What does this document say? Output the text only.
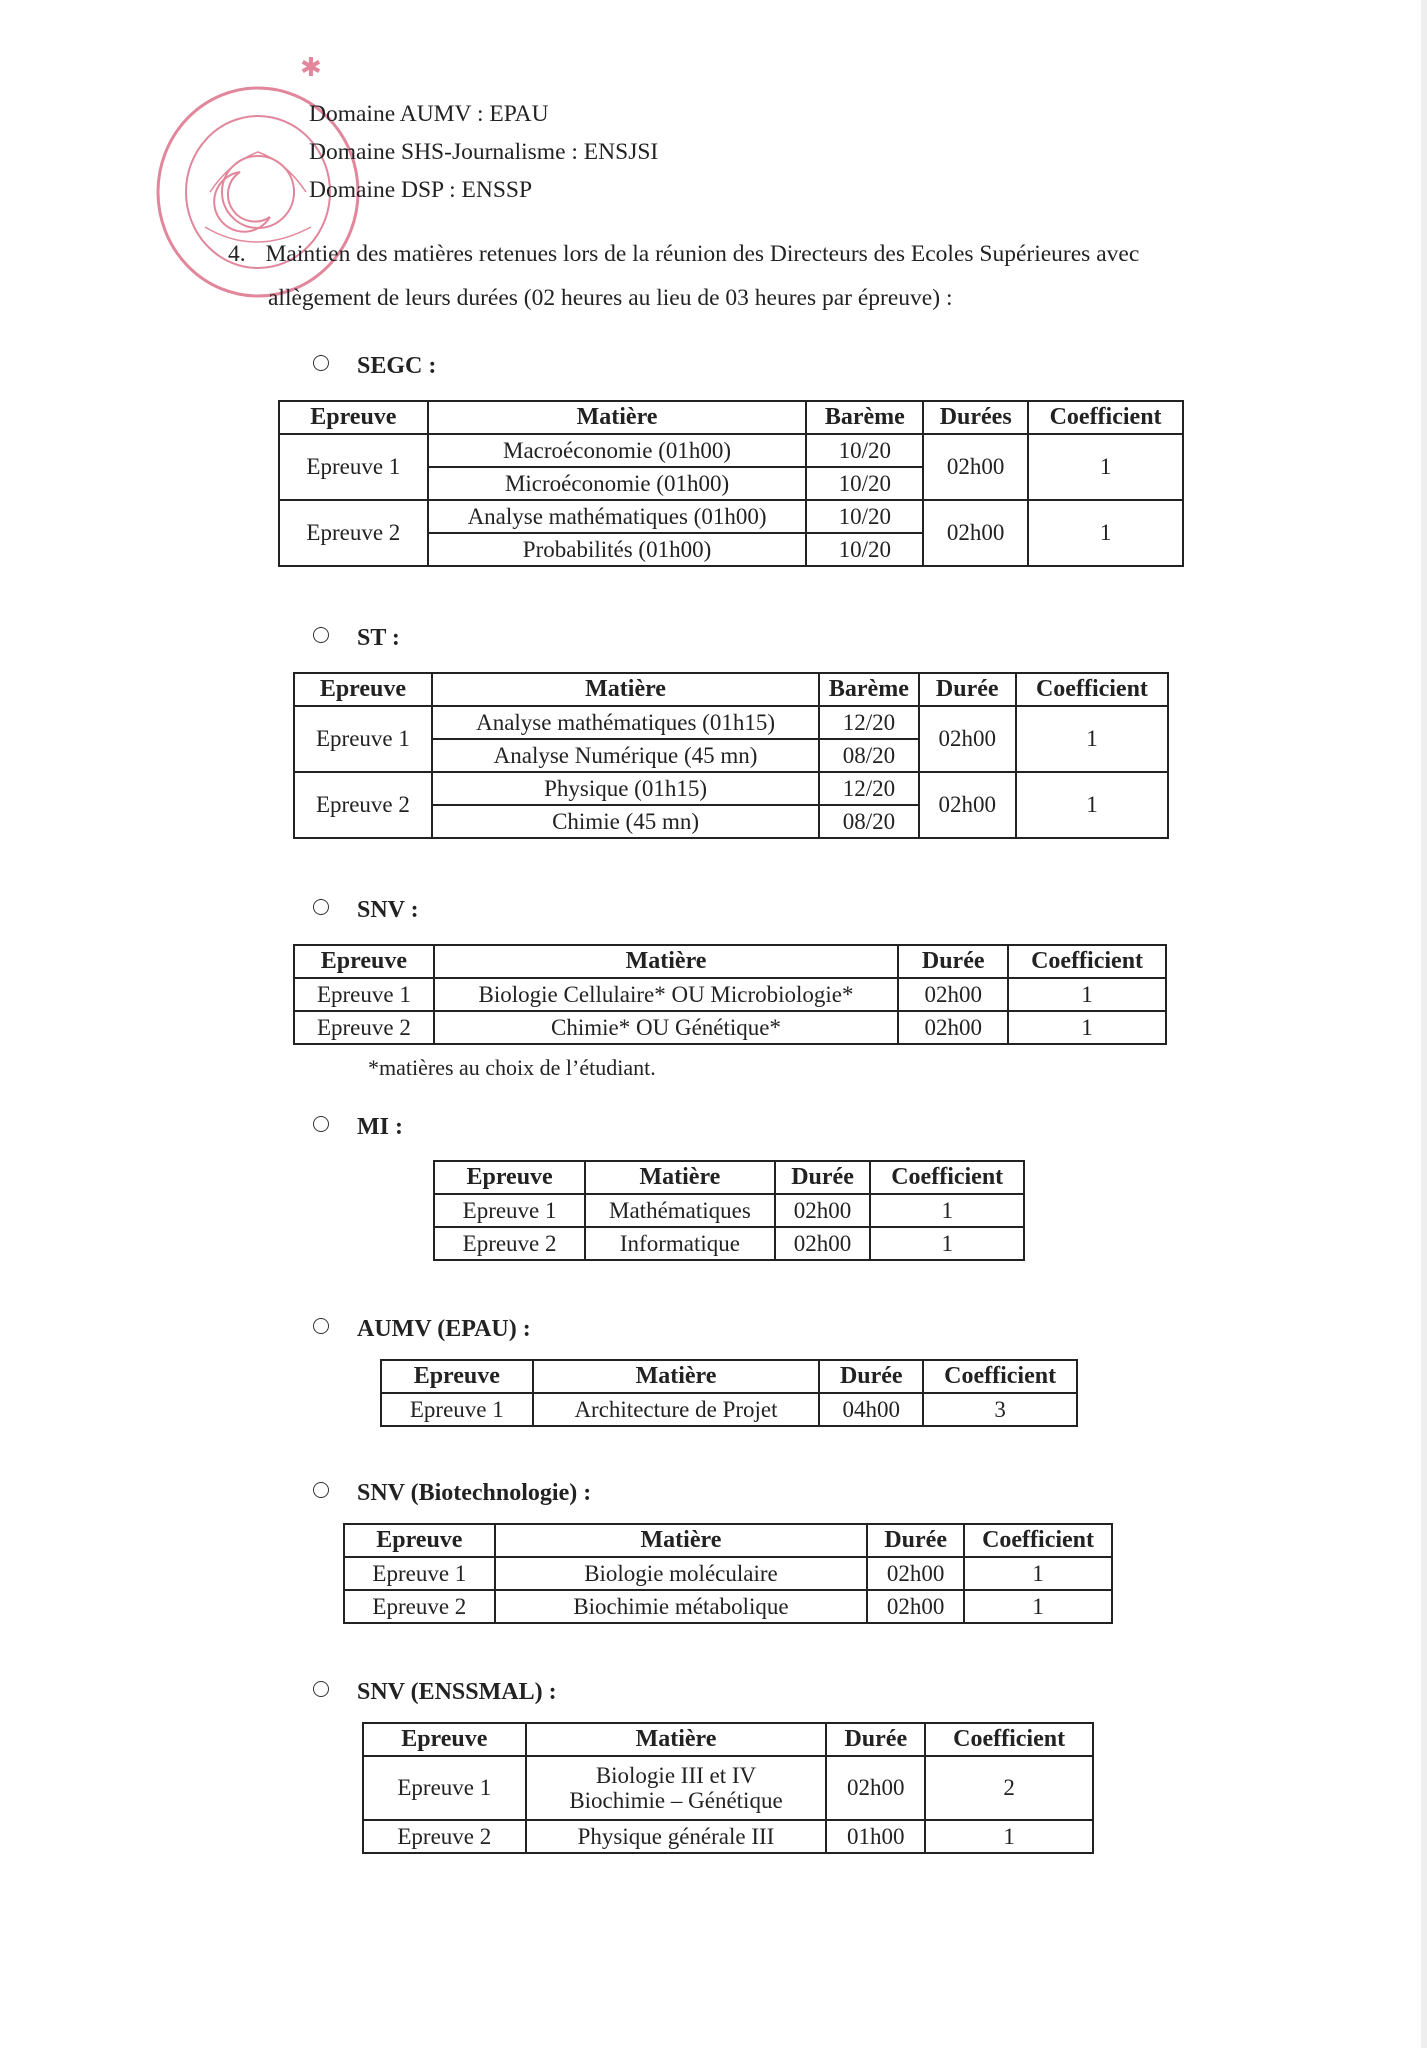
✱
Domaine AUMV : EPAU
Domaine SHS-Journalisme : ENSJSI
Domaine DSP : ENSSP
4. Maintien des matières retenues lors de la réunion des Directeurs des Ecoles Supérieures avec
allègement de leurs durées (02 heures au lieu de 03 heures par épreuve) :
SEGC :
Epreuve	Matière	Barème	Durées	Coefficient
Epreuve 1	Macroéconomie (01h00)	10/20	02h00	1
	Microéconomie (01h00)	10/20		
Epreuve 2	Analyse mathématiques (01h00)	10/20	02h00	1
	Probabilités (01h00)	10/20		
ST :
Epreuve	Matière	Barème	Durée	Coefficient
Epreuve 1	Analyse mathématiques (01h15)	12/20	02h00	1
	Analyse Numérique (45 mn)	08/20		
Epreuve 2	Physique (01h15)	12/20	02h00	1
	Chimie (45 mn)	08/20		
SNV :
Epreuve	Matière	Durée	Coefficient
Epreuve 1	Biologie Cellulaire* OU Microbiologie*	02h00	1
Epreuve 2	Chimie* OU Génétique*	02h00	1
*matières au choix de l’étudiant.
MI :
Epreuve	Matière	Durée	Coefficient
Epreuve 1	Mathématiques	02h00	1
Epreuve 2	Informatique	02h00	1
AUMV (EPAU) :
Epreuve	Matière	Durée	Coefficient
Epreuve 1	Architecture de Projet	04h00	3
SNV (Biotechnologie) :
Epreuve	Matière	Durée	Coefficient
Epreuve 1	Biologie moléculaire	02h00	1
Epreuve 2	Biochimie métabolique	02h00	1
SNV (ENSSMAL) :
Epreuve	Matière	Durée	Coefficient
Epreuve 1	Biologie III et IV
Biochimie – Génétique	02h00	2
Epreuve 2	Physique générale III	01h00	1
